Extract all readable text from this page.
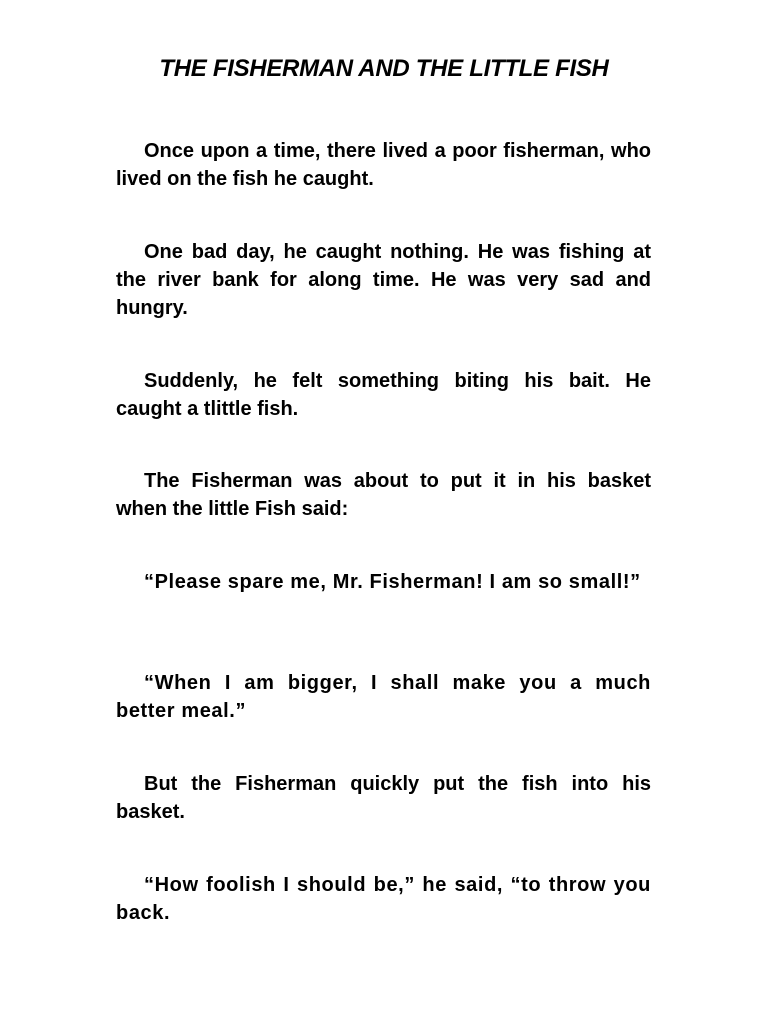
THE FISHERMAN AND THE LITTLE FISH

Once upon a time, there lived a poor fisherman, who lived on the fish he caught.

One bad day, he caught nothing. He was fishing at the river bank for along time. He was very sad and hungry.

Suddenly, he felt something biting his bait. He caught a tlittle fish.

The Fisherman was about to put it in his basket when the little Fish said:

“Please spare me, Mr. Fisherman! I am so small!”

“When I am bigger, I shall make you a much better meal.”

But the Fisherman quickly put the fish into his basket.

“How foolish I should be,” he said, “to throw you back.
